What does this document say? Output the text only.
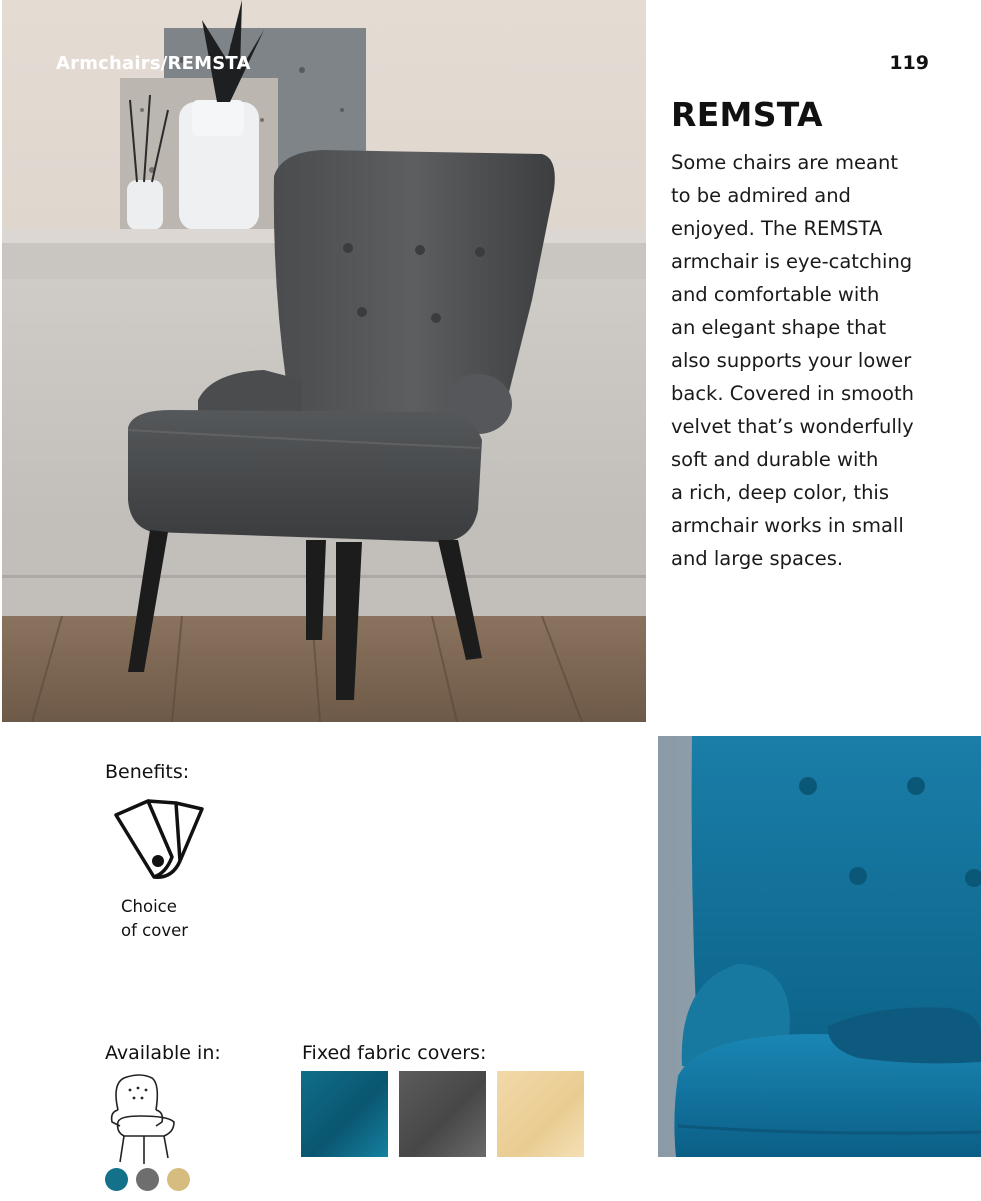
Armchairs/REMSTA	119
REMSTA
Some chairs are meant
to be admired and
enjoyed. The REMSTA
armchair is eye-catching
and comfortable with
an elegant shape that
also supports your lower
back. Covered in smooth
velvet that’s wonderfully
soft and durable with
a rich, deep color, this
armchair works in small
and large spaces.
Benefits:
Choice
of cover
Available in:	Fixed fabric covers:
